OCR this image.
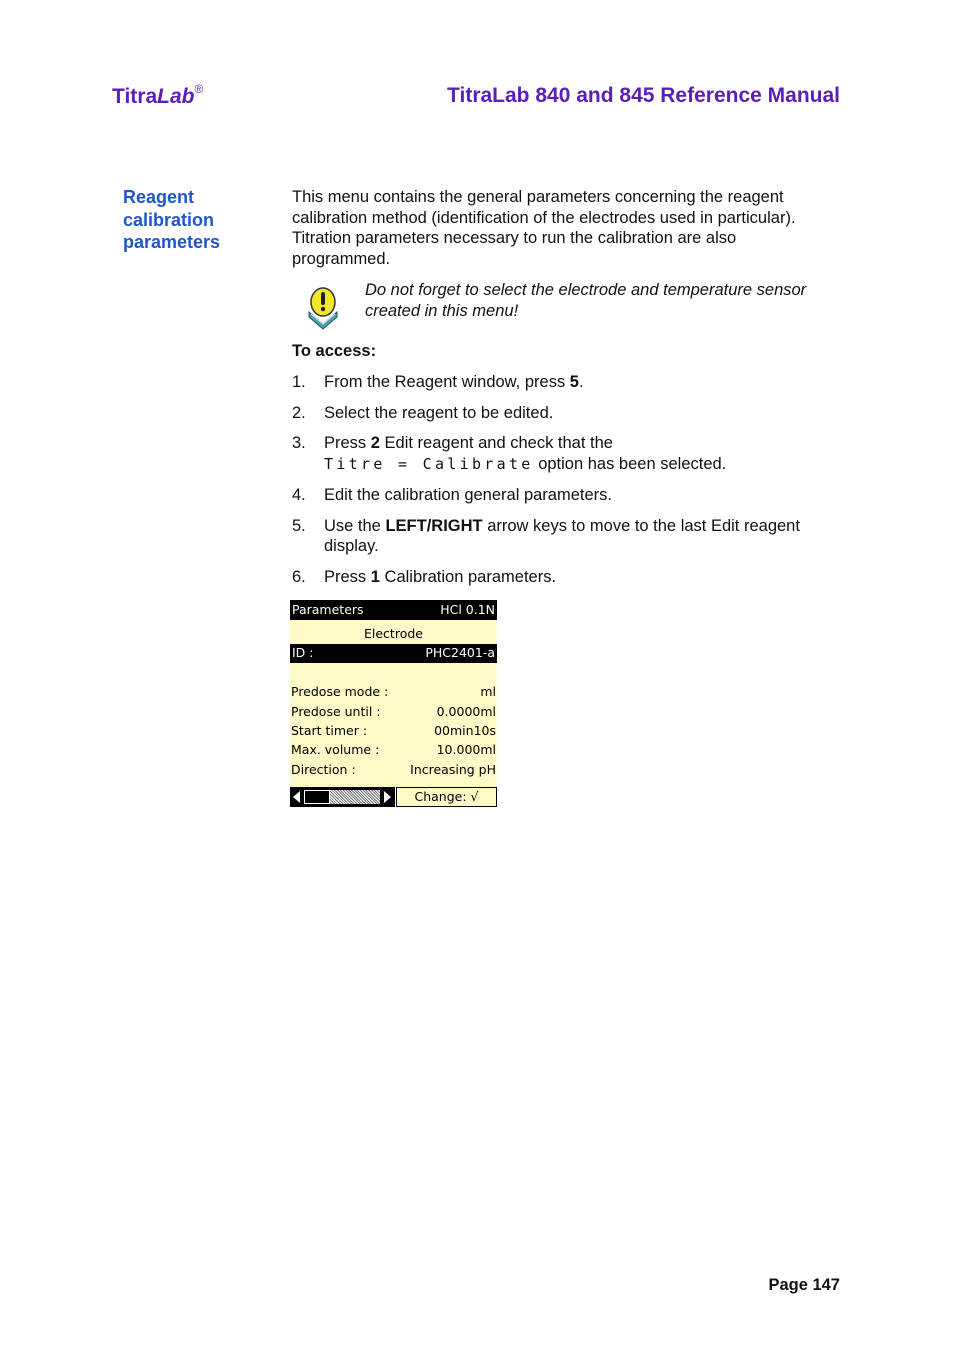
TitraLab®	TitraLab 840 and 845 Reference Manual
Reagent
calibration
parameters
This menu contains the general parameters concerning the reagent calibration method (identification of the electrodes used in particular). Titration parameters necessary to run the calibration are also programmed.
Do not forget to select the electrode and temperature sensor created in this menu!
To access:
1. From the Reagent window, press 5.
2. Select the reagent to be edited.
3. Press 2 Edit reagent and check that the
Titre = Calibrate option has been selected.
4. Edit the calibration general parameters.
5. Use the LEFT/RIGHT arrow keys to move to the last Edit reagent display.
6. Press 1 Calibration parameters.
Parameters	HCl 0.1N
Electrode
ID :	PHC2401-a
Predose mode :	ml
Predose until :	0.0000ml
Start timer :	00min10s
Max. volume :	10.000ml
Direction :	Increasing pH
Change: √
Page 147
